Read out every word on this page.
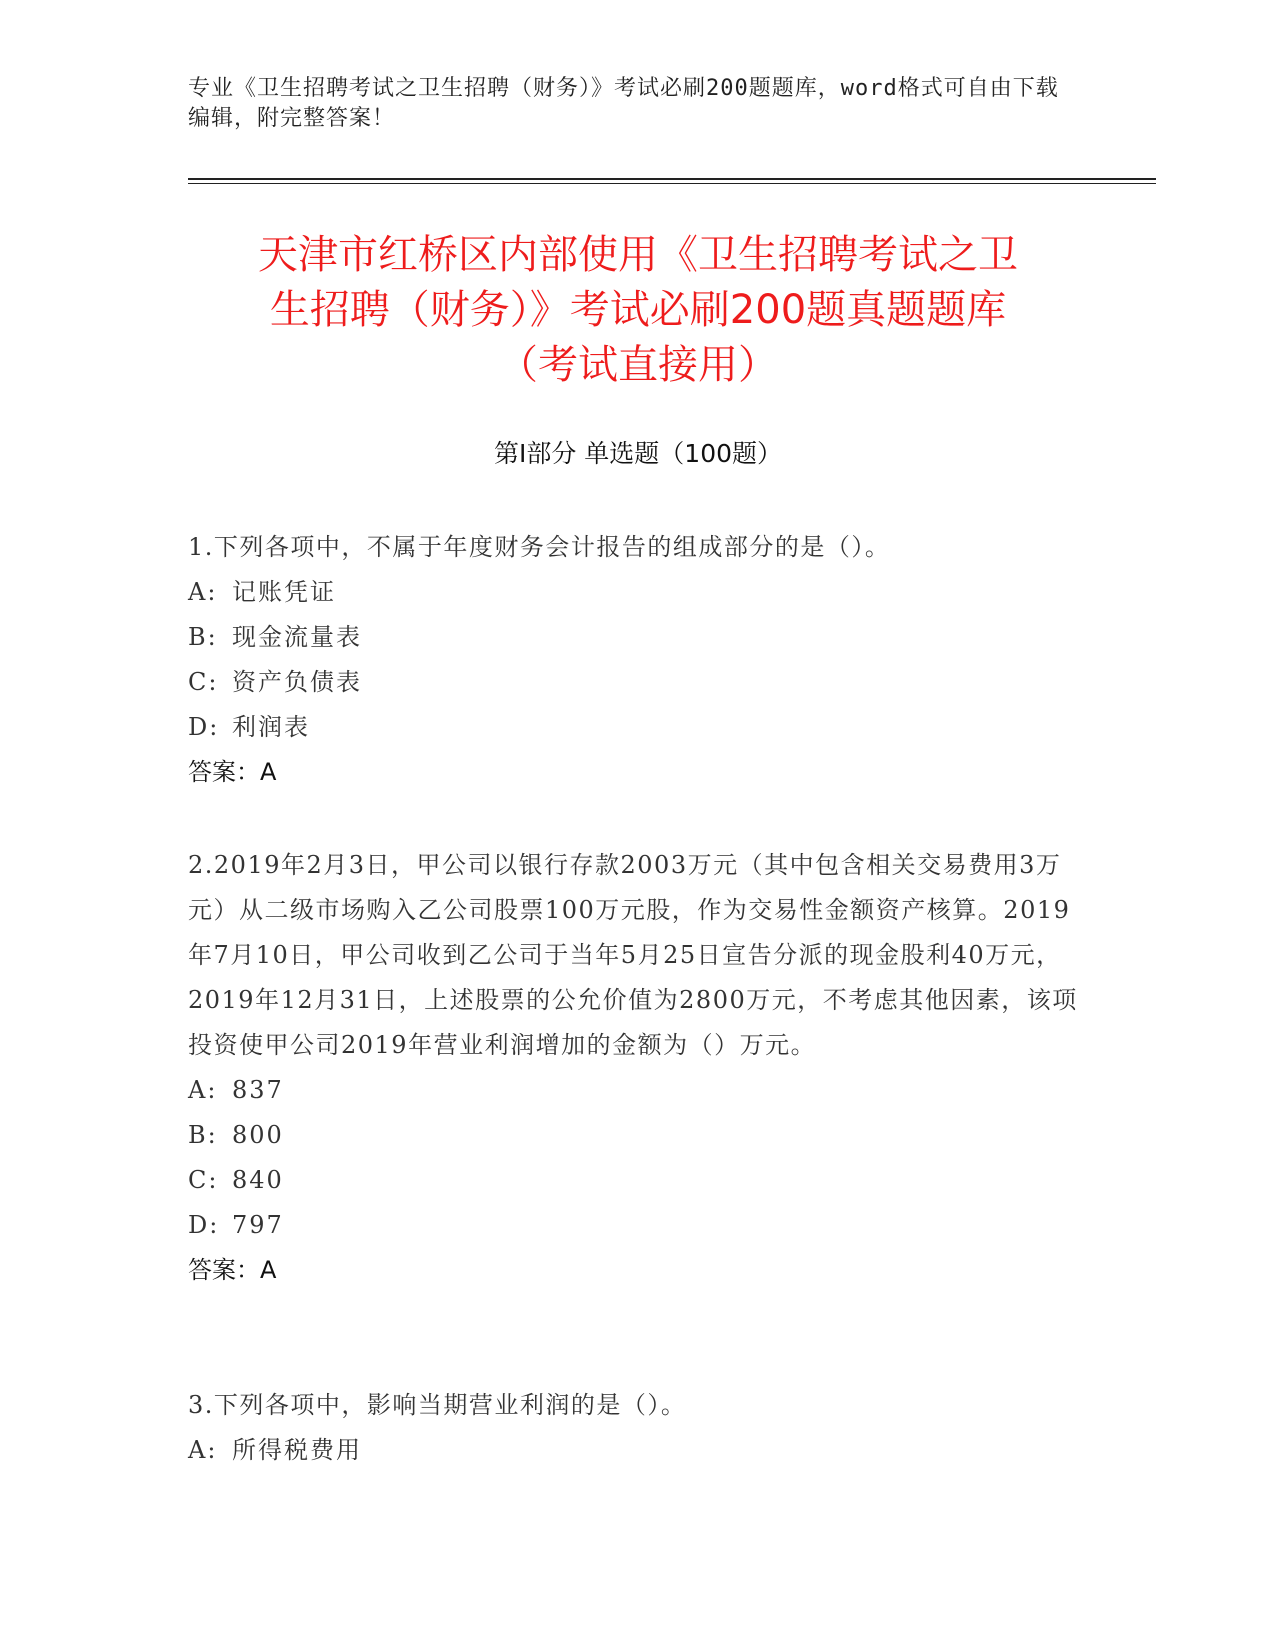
专业《卫生招聘考试之卫生招聘（财务）》考试必刷200题题库，word格式可自由下载编辑，附完整答案！
天津市红桥区内部使用《卫生招聘考试之卫
生招聘（财务）》考试必刷200题真题题库
（考试直接用）
第Ⅰ部分 单选题（100题）
1.下列各项中，不属于年度财务会计报告的组成部分的是（）。
A: 记账凭证
B: 现金流量表
C: 资产负债表
D: 利润表
答案：A
2.2019年2月3日，甲公司以银行存款2003万元（其中包含相关交易费用3万元）从二级市场购入乙公司股票100万元股，作为交易性金额资产核算。2019年7月10日，甲公司收到乙公司于当年5月25日宣告分派的现金股利40万元，2019年12月31日，上述股票的公允价值为2800万元，不考虑其他因素，该项投资使甲公司2019年营业利润增加的金额为（）万元。
A: 837
B: 800
C: 840
D: 797
答案：A
3.下列各项中，影响当期营业利润的是（）。
A: 所得税费用
